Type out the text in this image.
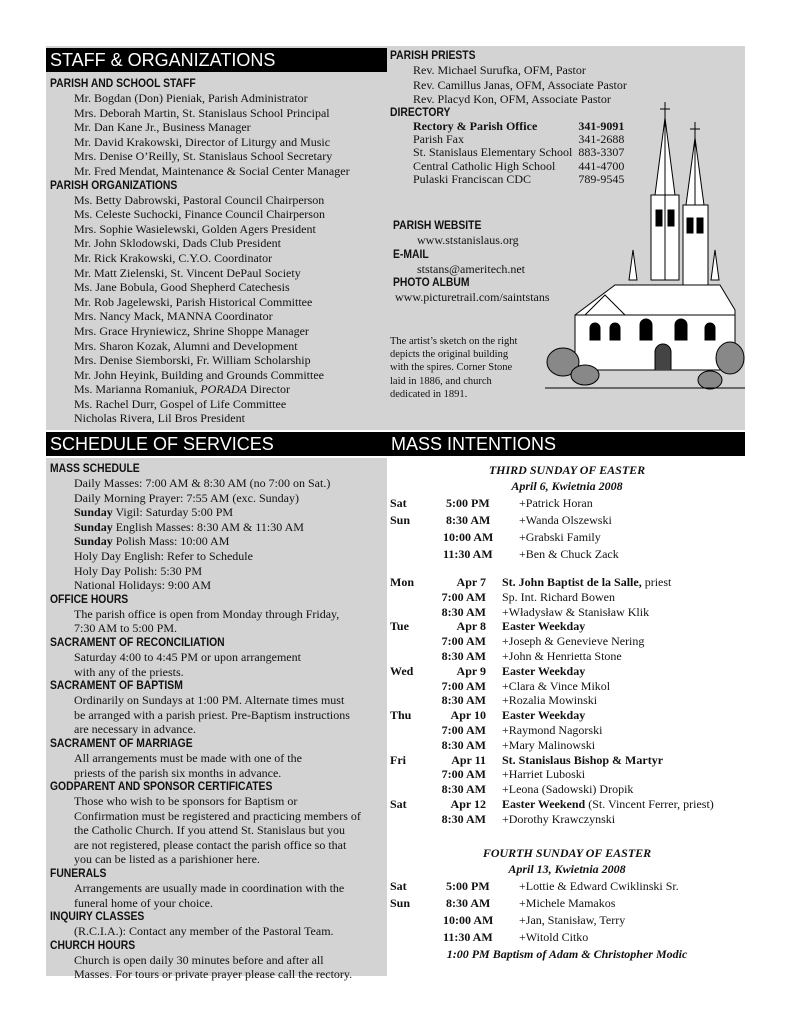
STAFF & ORGANIZATIONS
SCHEDULE OF SERVICES	MASS INTENTIONS
PARISH AND SCHOOL STAFF
Mr. Bogdan (Don) Pieniak, Parish Administrator
Mrs. Deborah Martin, St. Stanislaus School Principal
Mr. Dan Kane Jr., Business Manager
Mr. David Krakowski, Director of Liturgy and Music
Mrs. Denise O’Reilly, St. Stanislaus School Secretary
Mr. Fred Mendat, Maintenance & Social Center Manager
PARISH ORGANIZATIONS
Ms. Betty Dabrowski, Pastoral Council Chairperson
Ms. Celeste Suchocki, Finance Council Chairperson
Mrs. Sophie Wasielewski, Golden Agers President
Mr. John Sklodowski, Dads Club President
Mr. Rick Krakowski, C.Y.O. Coordinator
Mr. Matt Zielenski, St. Vincent DePaul Society
Ms. Jane Bobula, Good Shepherd Catechesis
Mr. Rob Jagelewski, Parish Historical Committee
Mrs. Nancy Mack, MANNA Coordinator
Mrs. Grace Hryniewicz, Shrine Shoppe Manager
Mrs. Sharon Kozak, Alumni and Development
Mrs. Denise Siemborski, Fr. William Scholarship
Mr. John Heyink, Building and Grounds Committee
Ms. Marianna Romaniuk, PORADA Director
Ms. Rachel Durr, Gospel of Life Committee
Nicholas Rivera, Lil Bros President
PARISH PRIESTS
Rev. Michael Surufka, OFM, Pastor
Rev. Camillus Janas, OFM, Associate Pastor
Rev. Placyd Kon, OFM, Associate Pastor
DIRECTORY
Rectory & Parish Office	341-9091
Parish Fax	341-2688
St. Stanislaus Elementary School	883-3307
Central Catholic High School	441-4700
Pulaski Franciscan CDC	789-9545
PARISH WEBSITE
www.ststanislaus.org
E-MAIL
ststans@ameritech.net
PHOTO ALBUM
www.picturetrail.com/saintstans
The artist’s sketch on the right
depicts the original building
with the spires. Corner Stone
laid in 1886, and church
dedicated in 1891.
MASS SCHEDULE
Daily Masses: 7:00 AM & 8:30 AM (no 7:00 on Sat.)
Daily Morning Prayer: 7:55 AM (exc. Sunday)
Sunday Vigil: Saturday 5:00 PM
Sunday English Masses: 8:30 AM & 11:30 AM
Sunday Polish Mass: 10:00 AM
Holy Day English: Refer to Schedule
Holy Day Polish: 5:30 PM
National Holidays: 9:00 AM
OFFICE HOURS
The parish office is open from Monday through Friday,
7:30 AM to 5:00 PM.
SACRAMENT OF RECONCILIATION
Saturday 4:00 to 4:45 PM or upon arrangement
with any of the priests.
SACRAMENT OF BAPTISM
Ordinarily on Sundays at 1:00 PM. Alternate times must
be arranged with a parish priest. Pre-Baptism instructions
are necessary in advance.
SACRAMENT OF MARRIAGE
All arrangements must be made with one of the
priests of the parish six months in advance.
GODPARENT AND SPONSOR CERTIFICATES
Those who wish to be sponsors for Baptism or
Confirmation must be registered and practicing members of
the Catholic Church. If you attend St. Stanislaus but you
are not registered, please contact the parish office so that
you can be listed as a parishioner here.
FUNERALS
Arrangements are usually made in coordination with the
funeral home of your choice.
INQUIRY CLASSES
(R.C.I.A.): Contact any member of the Pastoral Team.
CHURCH HOURS
Church is open daily 30 minutes before and after all
Masses. For tours or private prayer please call the rectory.
THIRD SUNDAY OF EASTER
April 6, Kwietnia 2008
Sat	5:00 PM +Patrick Horan
Sun	8:30 AM +Wanda Olszewski
10:00 AM +Grabski Family
11:30 AM +Ben & Chuck Zack
Mon	Apr 7 St. John Baptist de la Salle, priest
7:00 AM Sp. Int. Richard Bowen
8:30 AM +Władysław & Stanisław Klik
Tue	Apr 8 Easter Weekday
7:00 AM +Joseph & Genevieve Nering
8:30 AM +John & Henrietta Stone
Wed	Apr 9 Easter Weekday
7:00 AM +Clara & Vince Mikol
8:30 AM +Rozalia Mowinski
Thu	Apr 10 Easter Weekday
7:00 AM +Raymond Nagorski
8:30 AM +Mary Malinowski
Fri	Apr 11 St. Stanislaus Bishop & Martyr
7:00 AM +Harriet Luboski
8:30 AM +Leona (Sadowski) Dropik
Sat	Apr 12 Easter Weekend (St. Vincent Ferrer, priest)
8:30 AM +Dorothy Krawczynski
FOURTH SUNDAY OF EASTER
April 13, Kwietnia 2008
Sat	5:00 PM +Lottie & Edward Cwiklinski Sr.
Sun	8:30 AM +Michele Mamakos
10:00 AM +Jan, Stanisław, Terry
11:30 AM +Witold Citko
1:00 PM Baptism of Adam & Christopher Modic
